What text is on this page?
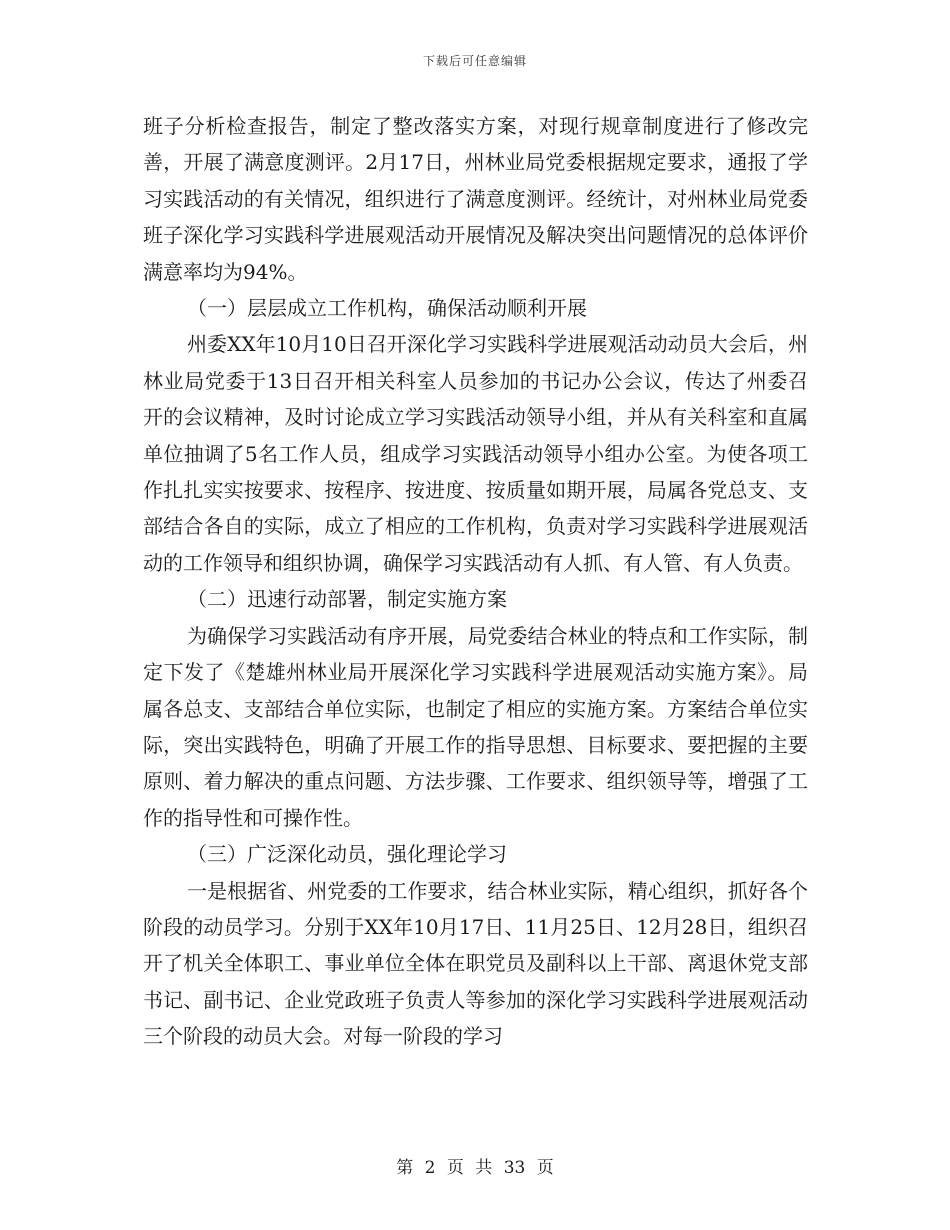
下载后可任意编辑

班子分析检查报告，制定了整改落实方案，对现行规章制度进行了修改完善，开展了满意度测评。2月17日，州林业局党委根据规定要求，通报了学习实践活动的有关情况，组织进行了满意度测评。经统计，对州林业局党委班子深化学习实践科学进展观活动开展情况及解决突出问题情况的总体评价满意率均为94%。

（一）层层成立工作机构，确保活动顺利开展

州委XX年10月10日召开深化学习实践科学进展观活动动员大会后，州林业局党委于13日召开相关科室人员参加的书记办公会议，传达了州委召开的会议精神，及时讨论成立学习实践活动领导小组，并从有关科室和直属单位抽调了5名工作人员，组成学习实践活动领导小组办公室。为使各项工作扎扎实实按要求、按程序、按进度、按质量如期开展，局属各党总支、支部结合各自的实际，成立了相应的工作机构，负责对学习实践科学进展观活动的工作领导和组织协调，确保学习实践活动有人抓、有人管、有人负责。

（二）迅速行动部署，制定实施方案

为确保学习实践活动有序开展，局党委结合林业的特点和工作实际，制定下发了《楚雄州林业局开展深化学习实践科学进展观活动实施方案》。局属各总支、支部结合单位实际，也制定了相应的实施方案。方案结合单位实际，突出实践特色，明确了开展工作的指导思想、目标要求、要把握的主要原则、着力解决的重点问题、方法步骤、工作要求、组织领导等，增强了工作的指导性和可操作性。

（三）广泛深化动员，强化理论学习

一是根据省、州党委的工作要求，结合林业实际，精心组织，抓好各个阶段的动员学习。分别于XX年10月17日、11月25日、12月28日，组织召开了机关全体职工、事业单位全体在职党员及副科以上干部、离退休党支部书记、副书记、企业党政班子负责人等参加的深化学习实践科学进展观活动三个阶段的动员大会。对每一阶段的学习

第 2 页 共 33 页
